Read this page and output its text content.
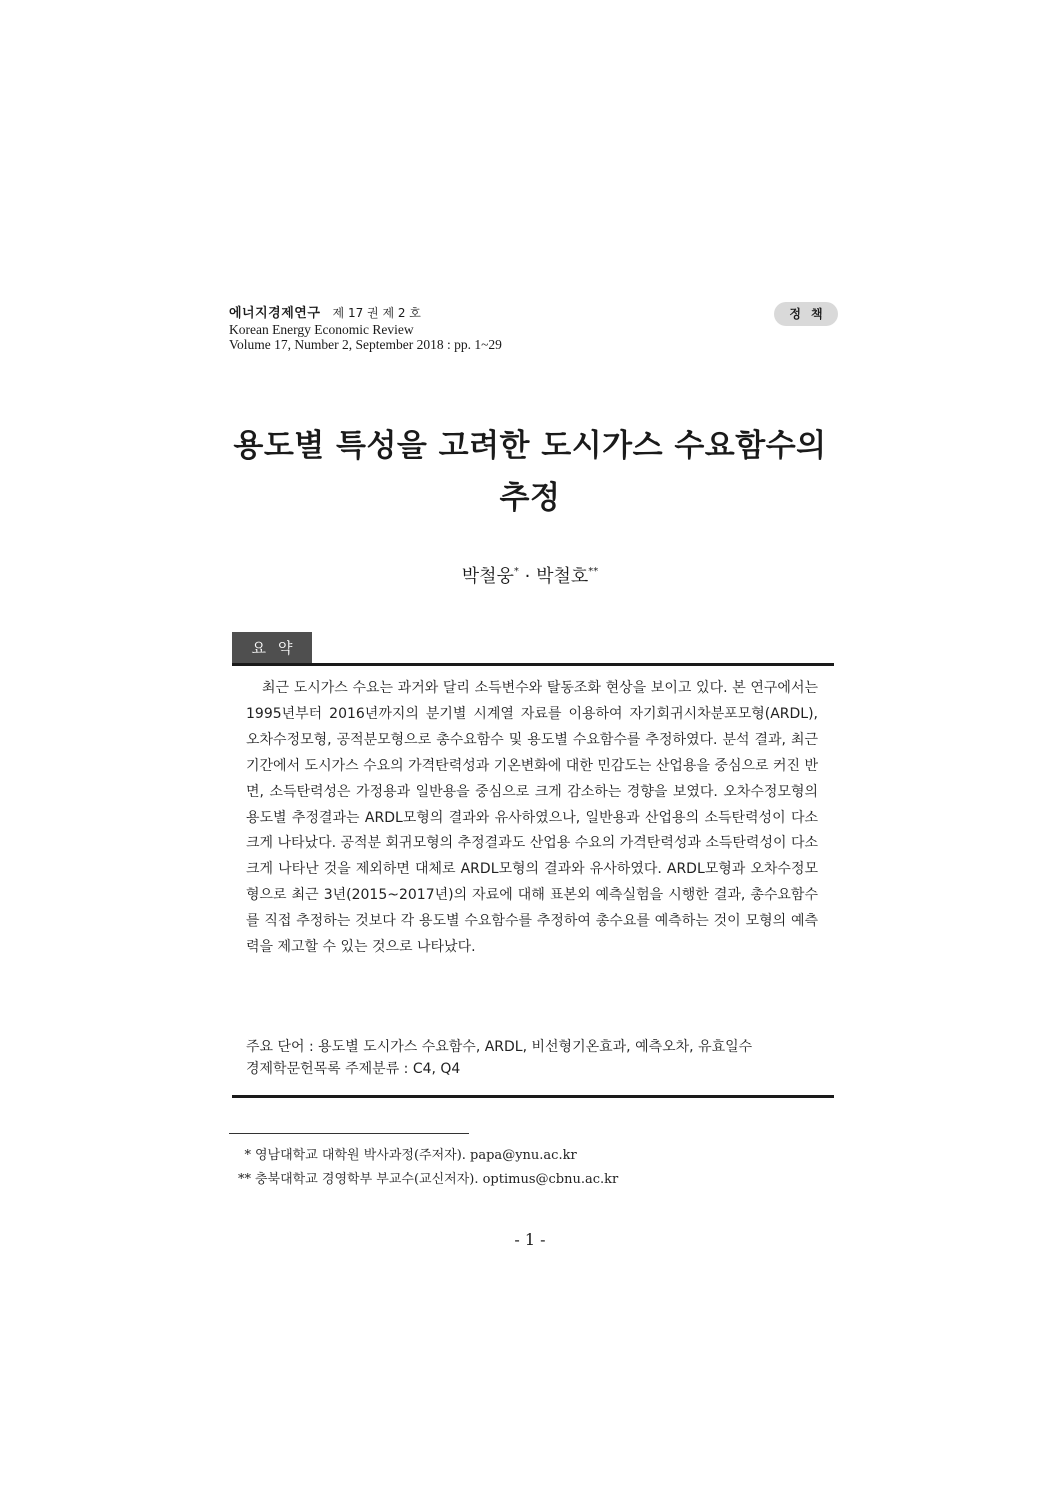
에너지경제연구 제 17 권 제 2 호
Korean Energy Economic Review
Volume 17, Number 2, September 2018 : pp. 1~29
정책
용도별 특성을 고려한 도시가스 수요함수의
추정
박철웅* · 박철호**
요약
최근 도시가스 수요는 과거와 달리 소득변수와 탈동조화 현상을 보이고 있다. 본 연구에서는 1995년부터 2016년까지의 분기별 시계열 자료를 이용하여 자기회귀시차분포모형(ARDL), 오차수정모형, 공적분모형으로 총수요함수 및 용도별 수요함수를 추정하였다. 분석 결과, 최근 기간에서 도시가스 수요의 가격탄력성과 기온변화에 대한 민감도는 산업용을 중심으로 커진 반면, 소득탄력성은 가정용과 일반용을 중심으로 크게 감소하는 경향을 보였다. 오차수정모형의 용도별 추정결과는 ARDL모형의 결과와 유사하였으나, 일반용과 산업용의 소득탄력성이 다소 크게 나타났다. 공적분 회귀모형의 추정결과도 산업용 수요의 가격탄력성과 소득탄력성이 다소 크게 나타난 것을 제외하면 대체로 ARDL모형의 결과와 유사하였다. ARDL모형과 오차수정모형으로 최근 3년(2015~2017년)의 자료에 대해 표본외 예측실험을 시행한 결과, 총수요함수를 직접 추정하는 것보다 각 용도별 수요함수를 추정하여 총수요를 예측하는 것이 모형의 예측력을 제고할 수 있는 것으로 나타났다.
주요 단어 : 용도별 도시가스 수요함수, ARDL, 비선형기온효과, 예측오차, 유효일수
경제학문헌목록 주제분류 : C4, Q4
* 영남대학교 대학원 박사과정(주저자). papa@ynu.ac.kr
** 충북대학교 경영학부 부교수(교신저자). optimus@cbnu.ac.kr
- 1 -
